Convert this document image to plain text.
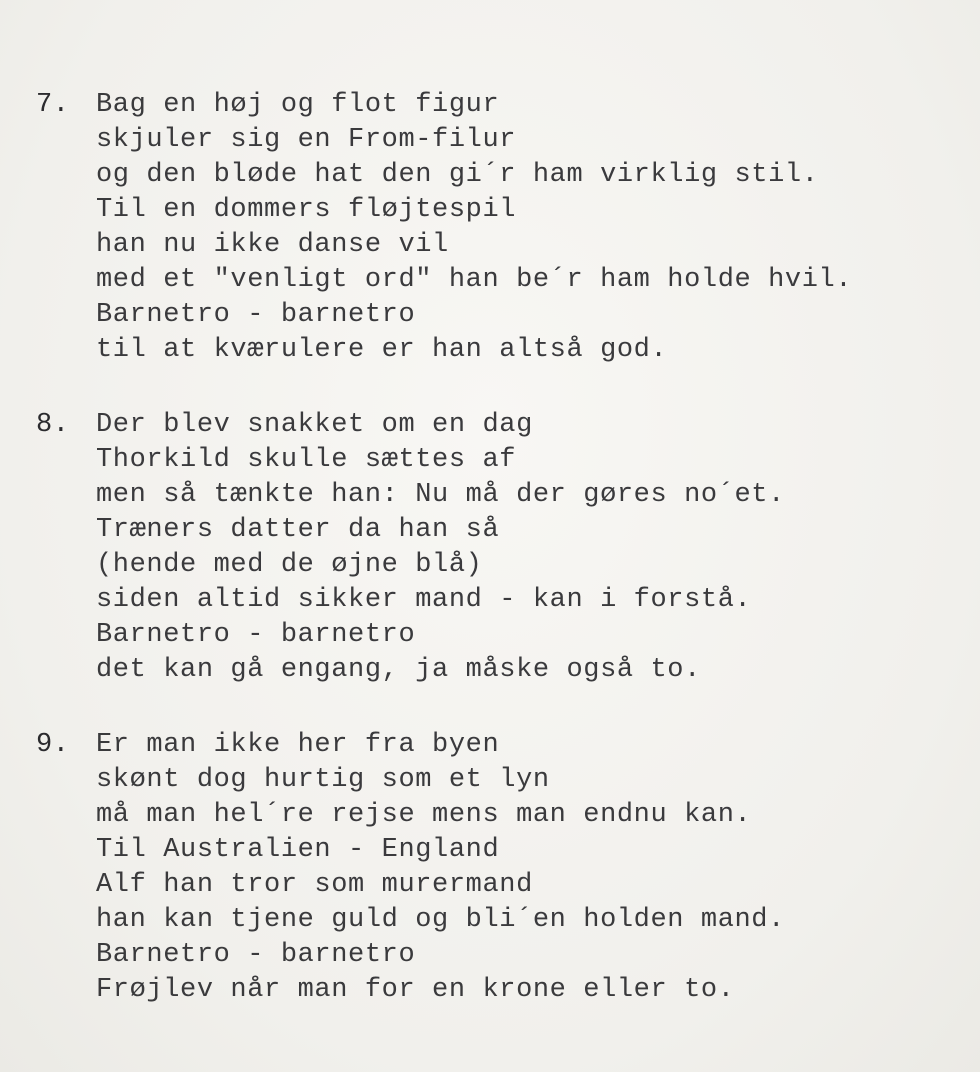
7. Bag en høj og flot figur
skjuler sig en From-filur
og den bløde hat den gi´r ham virklig stil.
Til en dommers fløjtespil
han nu ikke danse vil
med et "venligt ord" han be´r ham holde hvil.
Barnetro - barnetro
til at kværulere er han altså god.
8. Der blev snakket om en dag
Thorkild skulle sættes af
men så tænkte han: Nu må der gøres no´et.
Træners datter da han så
(hende med de øjne blå)
siden altid sikker mand - kan i forstå.
Barnetro - barnetro
det kan gå engang, ja måske også to.
9. Er man ikke her fra byen
skønt dog hurtig som et lyn
må man hel´re rejse mens man endnu kan.
Til Australien - England
Alf han tror som murermand
han kan tjene guld og bli´en holden mand.
Barnetro - barnetro
Frøjlev når man for en krone eller to.
